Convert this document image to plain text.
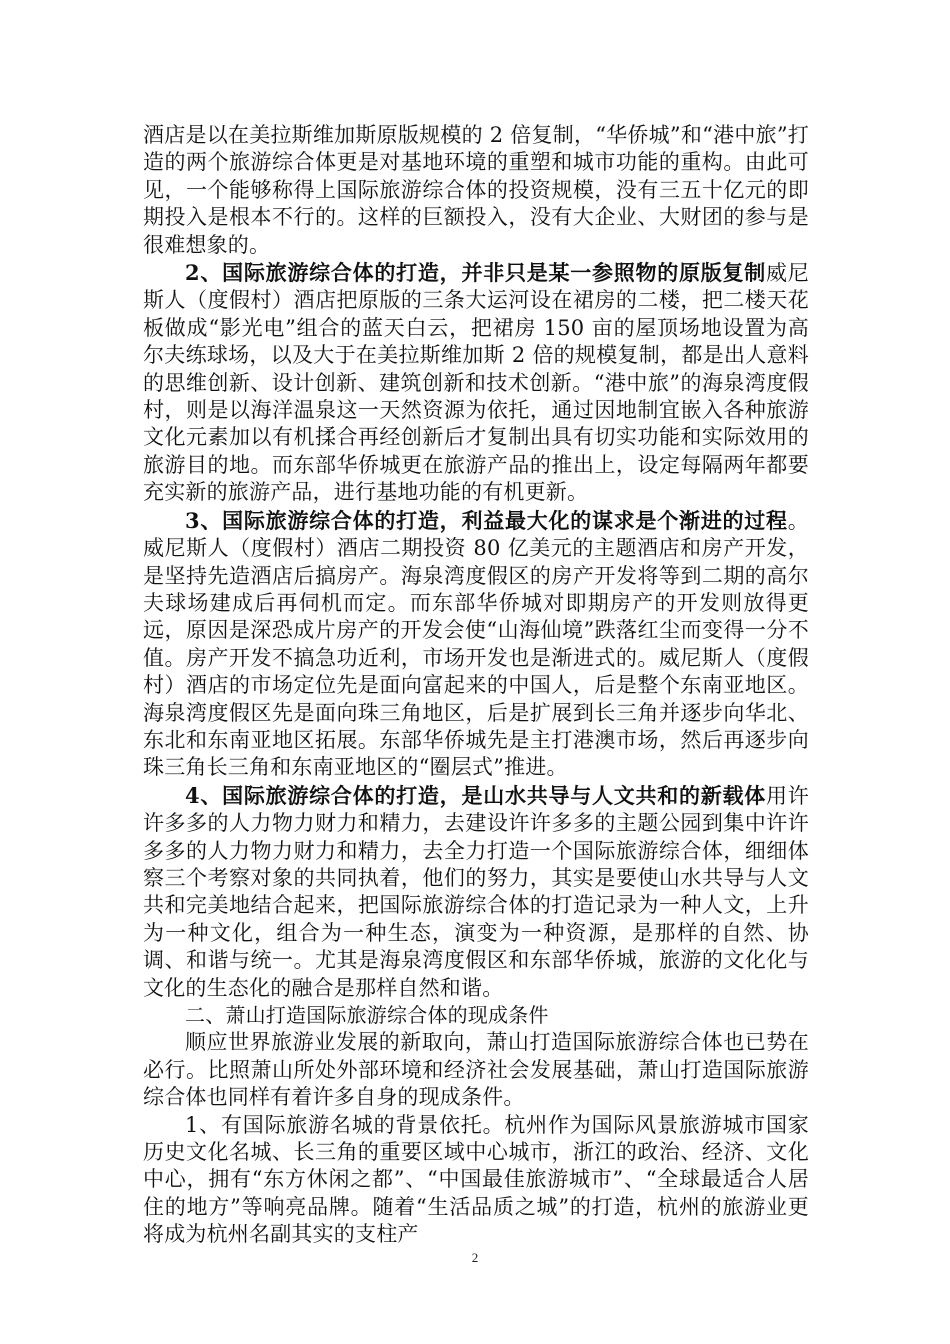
酒店是以在美拉斯维加斯原版规模的 2 倍复制，“华侨城”和“港中旅”打造的两个旅游综合体更是对基地环境的重塑和城市功能的重构。由此可见，一个能够称得上国际旅游综合体的投资规模，没有三五十亿元的即期投入是根本不行的。这样的巨额投入，没有大企业、大财团的参与是很难想象的。

2、国际旅游综合体的打造，并非只是某一参照物的原版复制威尼斯人（度假村）酒店把原版的三条大运河设在裙房的二楼，把二楼天花板做成“影光电”组合的蓝天白云，把裙房 150 亩的屋顶场地设置为高尔夫练球场，以及大于在美拉斯维加斯 2 倍的规模复制，都是出人意料的思维创新、设计创新、建筑创新和技术创新。“港中旅”的海泉湾度假村，则是以海洋温泉这一天然资源为依托，通过因地制宜嵌入各种旅游文化元素加以有机揉合再经创新后才复制出具有切实功能和实际效用的旅游目的地。而东部华侨城更在旅游产品的推出上，设定每隔两年都要充实新的旅游产品，进行基地功能的有机更新。

3、国际旅游综合体的打造，利益最大化的谋求是个渐进的过程。威尼斯人（度假村）酒店二期投资 80 亿美元的主题酒店和房产开发，是坚持先造酒店后搞房产。海泉湾度假区的房产开发将等到二期的高尔夫球场建成后再伺机而定。而东部华侨城对即期房产的开发则放得更远，原因是深恐成片房产的开发会使“山海仙境”跌落红尘而变得一分不值。房产开发不搞急功近利，市场开发也是渐进式的。威尼斯人（度假村）酒店的市场定位先是面向富起来的中国人，后是整个东南亚地区。海泉湾度假区先是面向珠三角地区，后是扩展到长三角并逐步向华北、东北和东南亚地区拓展。东部华侨城先是主打港澳市场，然后再逐步向珠三角长三角和东南亚地区的“圈层式”推进。

4、国际旅游综合体的打造，是山水共导与人文共和的新载体用许许多多的人力物力财力和精力，去建设许许多多的主题公园到集中许许多多的人力物力财力和精力，去全力打造一个国际旅游综合体，细细体察三个考察对象的共同执着，他们的努力，其实是要使山水共导与人文共和完美地结合起来，把国际旅游综合体的打造记录为一种人文，上升为一种文化，组合为一种生态，演变为一种资源，是那样的自然、协调、和谐与统一。尤其是海泉湾度假区和东部华侨城，旅游的文化化与文化的生态化的融合是那样自然和谐。

二、萧山打造国际旅游综合体的现成条件

顺应世界旅游业发展的新取向，萧山打造国际旅游综合体也已势在必行。比照萧山所处外部环境和经济社会发展基础，萧山打造国际旅游综合体也同样有着许多自身的现成条件。

1、有国际旅游名城的背景依托。杭州作为国际风景旅游城市国家历史文化名城、长三角的重要区域中心城市，浙江的政治、经济、文化中心，拥有“东方休闲之都”、“中国最佳旅游城市”、“全球最适合人居住的地方”等响亮品牌。随着“生活品质之城”的打造，杭州的旅游业更将成为杭州名副其实的支柱产

2
